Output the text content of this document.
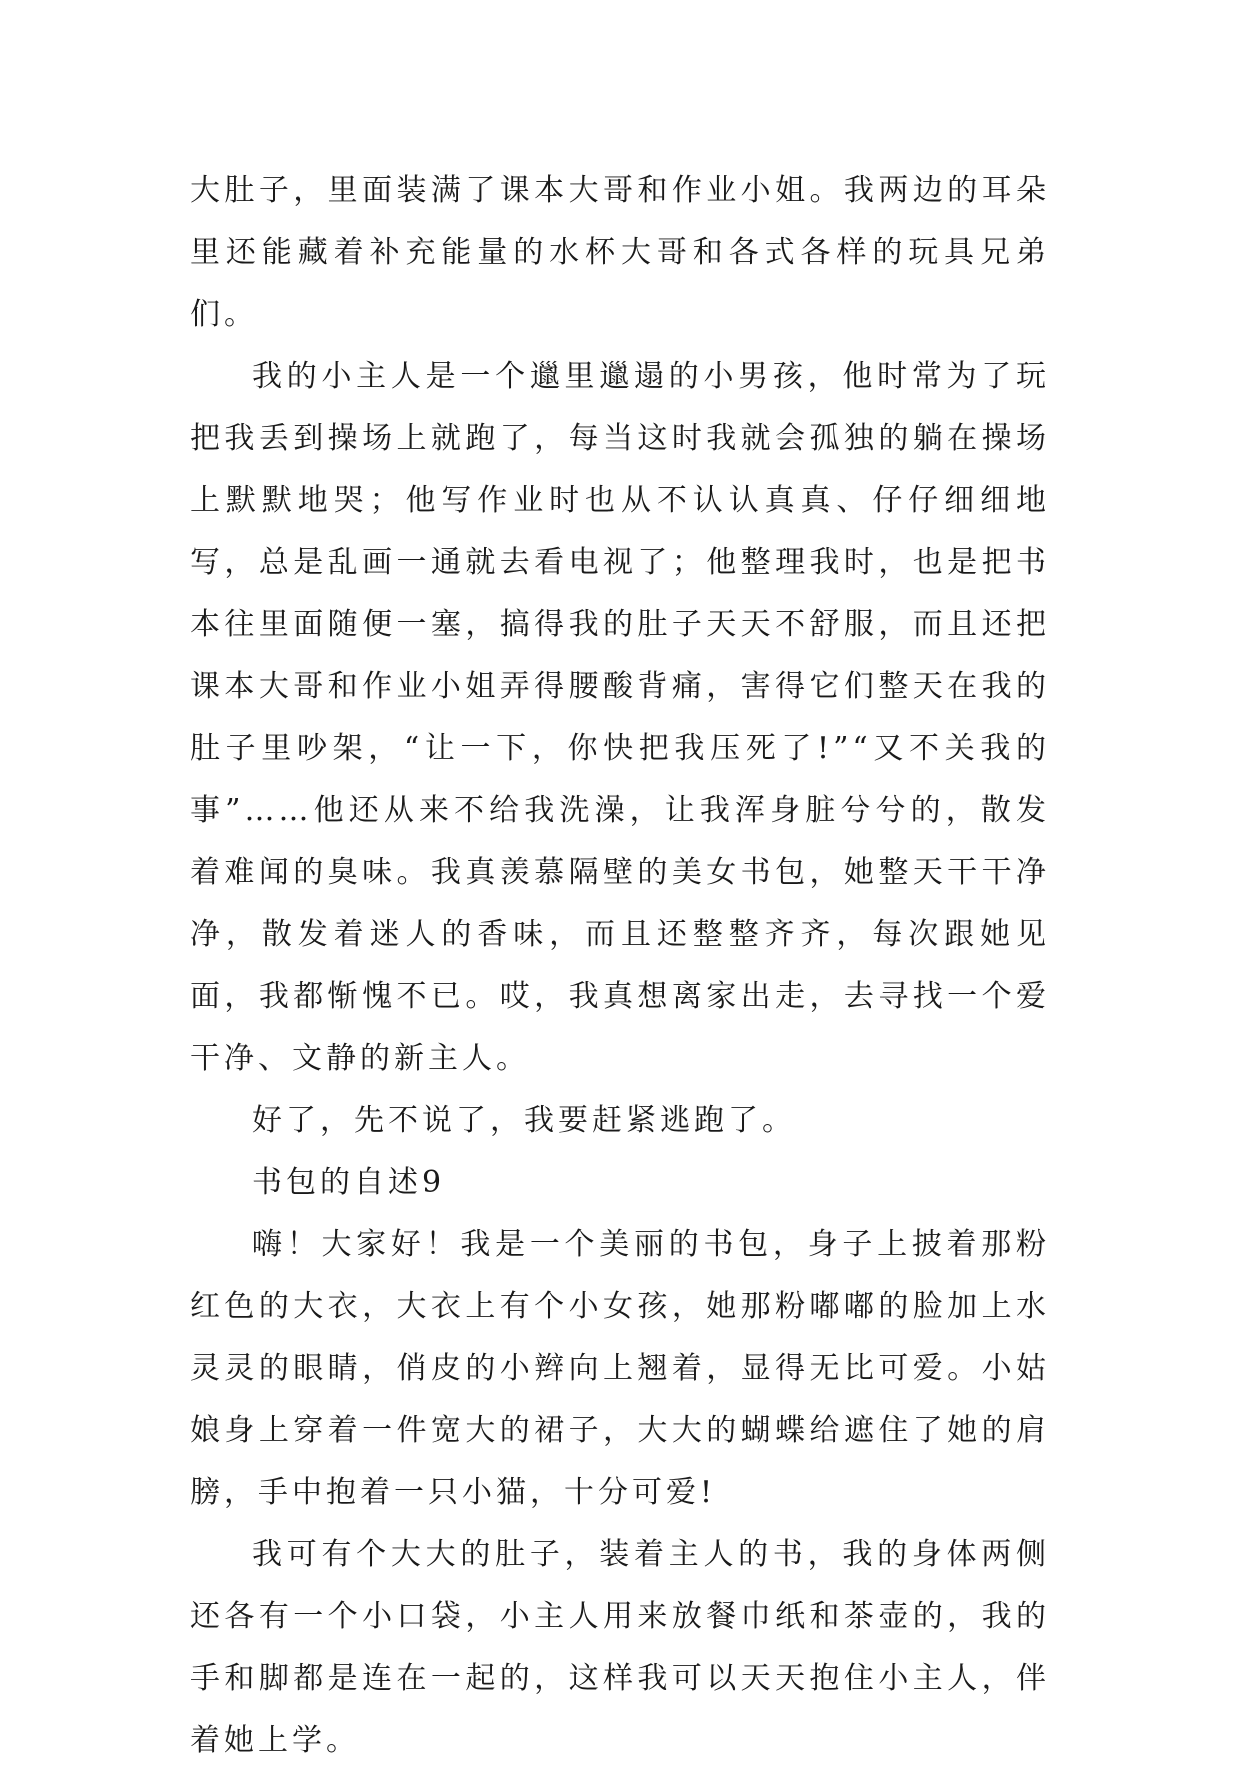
大肚子，里面装满了课本大哥和作业小姐。我两边的耳朵里还能藏着补充能量的水杯大哥和各式各样的玩具兄弟们。

我的小主人是一个邋里邋遢的小男孩，他时常为了玩把我丢到操场上就跑了，每当这时我就会孤独的躺在操场上默默地哭；他写作业时也从不认认真真、仔仔细细地写，总是乱画一通就去看电视了；他整理我时，也是把书本往里面随便一塞，搞得我的肚子天天不舒服，而且还把课本大哥和作业小姐弄得腰酸背痛，害得它们整天在我的肚子里吵架，“让一下，你快把我压死了!”“又不关我的事”……他还从来不给我洗澡，让我浑身脏兮兮的，散发着难闻的臭味。我真羡慕隔壁的美女书包，她整天干干净净，散发着迷人的香味，而且还整整齐齐，每次跟她见面，我都惭愧不已。哎，我真想离家出走，去寻找一个爱干净、文静的新主人。

好了，先不说了，我要赶紧逃跑了。

书包的自述9

嗨！大家好！我是一个美丽的书包，身子上披着那粉红色的大衣，大衣上有个小女孩，她那粉嘟嘟的脸加上水灵灵的眼睛，俏皮的小辫向上翘着，显得无比可爱。小姑娘身上穿着一件宽大的裙子，大大的蝴蝶给遮住了她的肩膀，手中抱着一只小猫，十分可爱!

我可有个大大的肚子，装着主人的书，我的身体两侧还各有一个小口袋，小主人用来放餐巾纸和茶壶的，我的手和脚都是连在一起的，这样我可以天天抱住小主人，伴着她上学。
